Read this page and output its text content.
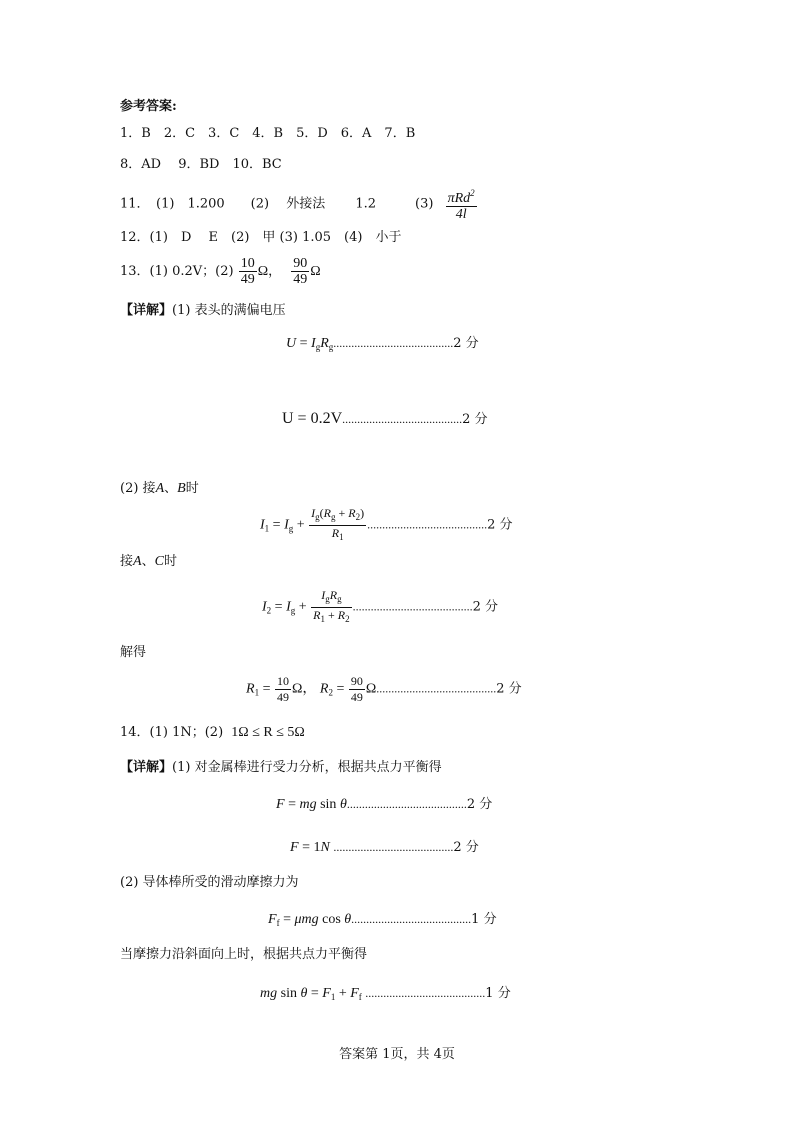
参考答案:
1．B　2．C　3．C　4．B　5．D　6．A　7．B
8．AD　 9．BD　10．BC
11．　(1)　1.200　　(2)　 外接法　　 1.2　　　$(3) \frac{\pi Rd^2}{4l}$
12．(1)　D　 E　(2)　甲 (3) 1.05　(4)　小于
13．(1) 0.2V；$(2) \frac{10}{49}$ Ω， $\frac{90}{49}$ Ω
【详解】(1) 表头的满偏电压
$U = I_gR_g........................................2$ 分
U = 0.2V........................................2 分
(2) 接A、B时
$I_1 = I_g + \frac{I_g(R_g + R_2)}{R_1} ........................................2$ 分
接A、C时
$I_2 = I_g + \frac{I_gR_g}{R_1 + R_2} ........................................2$ 分
解得
$R_1 = \frac{10}{49}$ Ω， $R_2 = \frac{90}{49} \Omega........................................2$ 分
14．(1) 1N；(2) 1Ω ≤ R ≤ 5Ω
【详解】(1) 对金属棒进行受力分析，根据共点力平衡得
F = mg sin θ........................................2 分
F = 1N ........................................2 分
(2) 导体棒所受的滑动摩擦力为
$F_f = \mu mg$ cos θ........................................1 分
当摩擦力沿斜面向上时，根据共点力平衡得
mg $\sin \theta = F_1 + F_f$ ........................................1 分
答案第 1页，共 4页
